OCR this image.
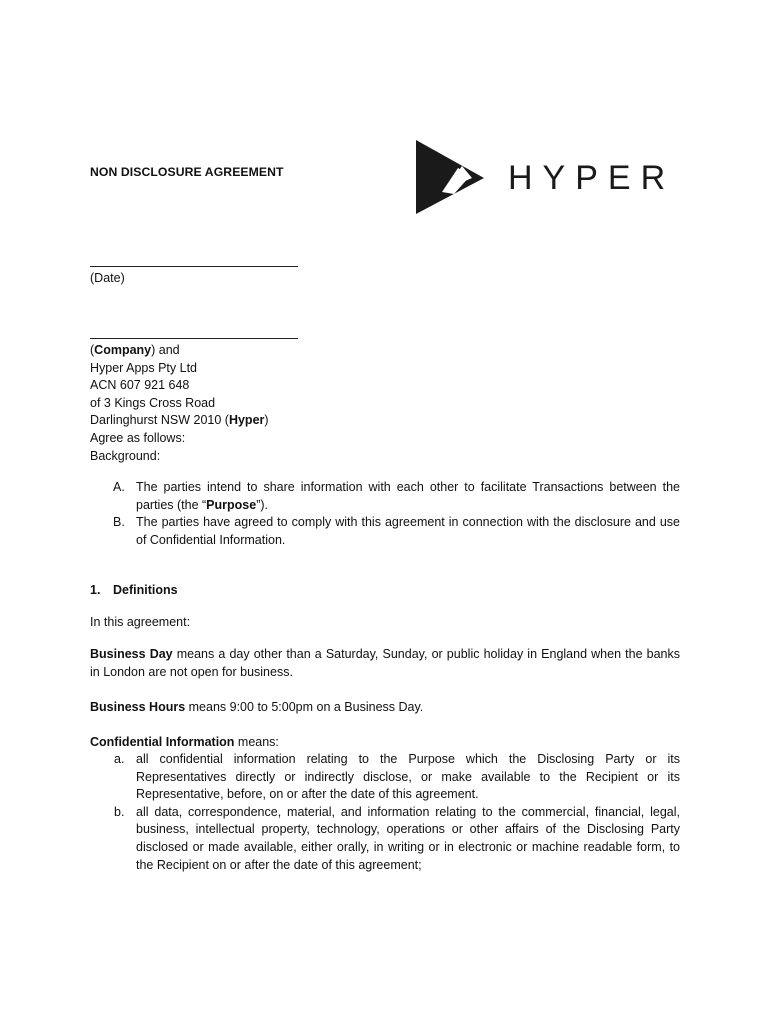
NON DISCLOSURE AGREEMENT	HYPER
(Date)
(Company) and
Hyper Apps Pty Ltd
ACN 607 921 648
of 3 Kings Cross Road
Darlinghurst NSW 2010 (Hyper)
Agree as follows:
Background:
A. The parties intend to share information with each other to facilitate Transactions between the parties (the “Purpose”).
B. The parties have agreed to comply with this agreement in connection with the disclosure and use of Confidential Information.
1. Definitions
In this agreement:
Business Day means a day other than a Saturday, Sunday, or public holiday in England when the banks in London are not open for business.
Business Hours means 9:00 to 5:00pm on a Business Day.
Confidential Information means:
a. all confidential information relating to the Purpose which the Disclosing Party or its Representatives directly or indirectly disclose, or make available to the Recipient or its Representative, before, on or after the date of this agreement.
b. all data, correspondence, material, and information relating to the commercial, financial, legal, business, intellectual property, technology, operations or other affairs of the Disclosing Party disclosed or made available, either orally, in writing or in electronic or machine readable form, to the Recipient on or after the date of this agreement;
